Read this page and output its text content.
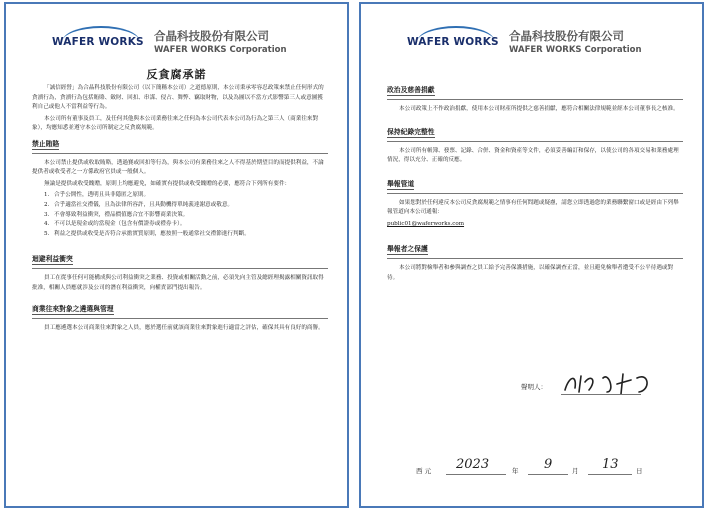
WAFER WORKS 合晶科技股份有限公司
WAFER WORKS Corporation
反貪腐承諾

「誠信經營」為合晶科技股份有限公司（以下簡稱本公司）之道德原則，本公司秉承零容忍政策來禁止任何形式的貪瀆行為，貪瀆行為包括賄賂、斂財、回扣、串謀、侵占、舞弊、竊取財物，以及為圖以不當方式影響第三人或意圖獲利自己或他人不當利益等行為。

本公司所有董事及員工，及任何其他與本公司業務往來之任何為本公司代表本公司為行為之第三人（商業往來對象），均應知悉並遵守本公司所制定之反貪腐規範。

禁止賄賂

本公司禁止提供或收取賄賂，透過賽或回扣等行為，與本公司有業務往來之人不得基於期望目的而提供利益，不論提供者或收受者之一方係政府官員或一般個人。

無論是提供或收受餽贈，原則上均應避免，如確實有提供或收受餽贈的必要，應符合下列所有要件：

1. 合乎公開性，透明且具非隱匿之原則。
2. 合乎適當社交禮儀，且為法律所容許，且具動機得單純義達謝意或敬意。
3. 不會導致利益衝突，禮品價值應合宜不影響商業決策。
4. 不可以是現金或約當現金（包含有價證券或禮券卡）。
5. 利益之提供或收受是否符合承擔實質原則，應按照一般通常社交禮節進行判斷。
迴避利益衝突

員工在從事任何可能構成與公司利益衝突之業務、投資或相關活動之前，必須先向主管及總經理揭露相關資訊取得批准，相關人員應就涉及公司的潛在利益衝突，向權責部門提出報告。

商業往來對象之遴選與管理

員工應遴選本公司商業往來對象之人員，應於選任前就該商業往來對象進行適當之評估，確保其具有良好的商譽。

WAFER WORKS 合晶科技股份有限公司
WAFER WORKS Corporation
政治及慈善捐獻

本公司政策上不作政治捐獻，使用本公司財產所提供之慈善捐獻，應符合相關法律規範並經本公司董事長之核准。

保持紀錄完整性

本公司所有帳簿、發票、記錄、合併、資金和資產等文件，必須妥善編訂和保存，以使公司的各項交易和業務處理情況，得以充分、正確的反應。

舉報管道

如果您對於任何違反本公司反貪腐規範之情事有任何問題或疑慮，請您立即透過您的業務聯繫窗口或是經由下列舉報管道向本公司通報：

public01@waferworks.com

舉報者之保護

本公司將對檢舉者和參與調查之員工給予完善保護措施，以確保調查正當，並且避免檢舉者遭受不公平待遇或對待。

聲明人：
西 元 2023	年 9	月 13	日
